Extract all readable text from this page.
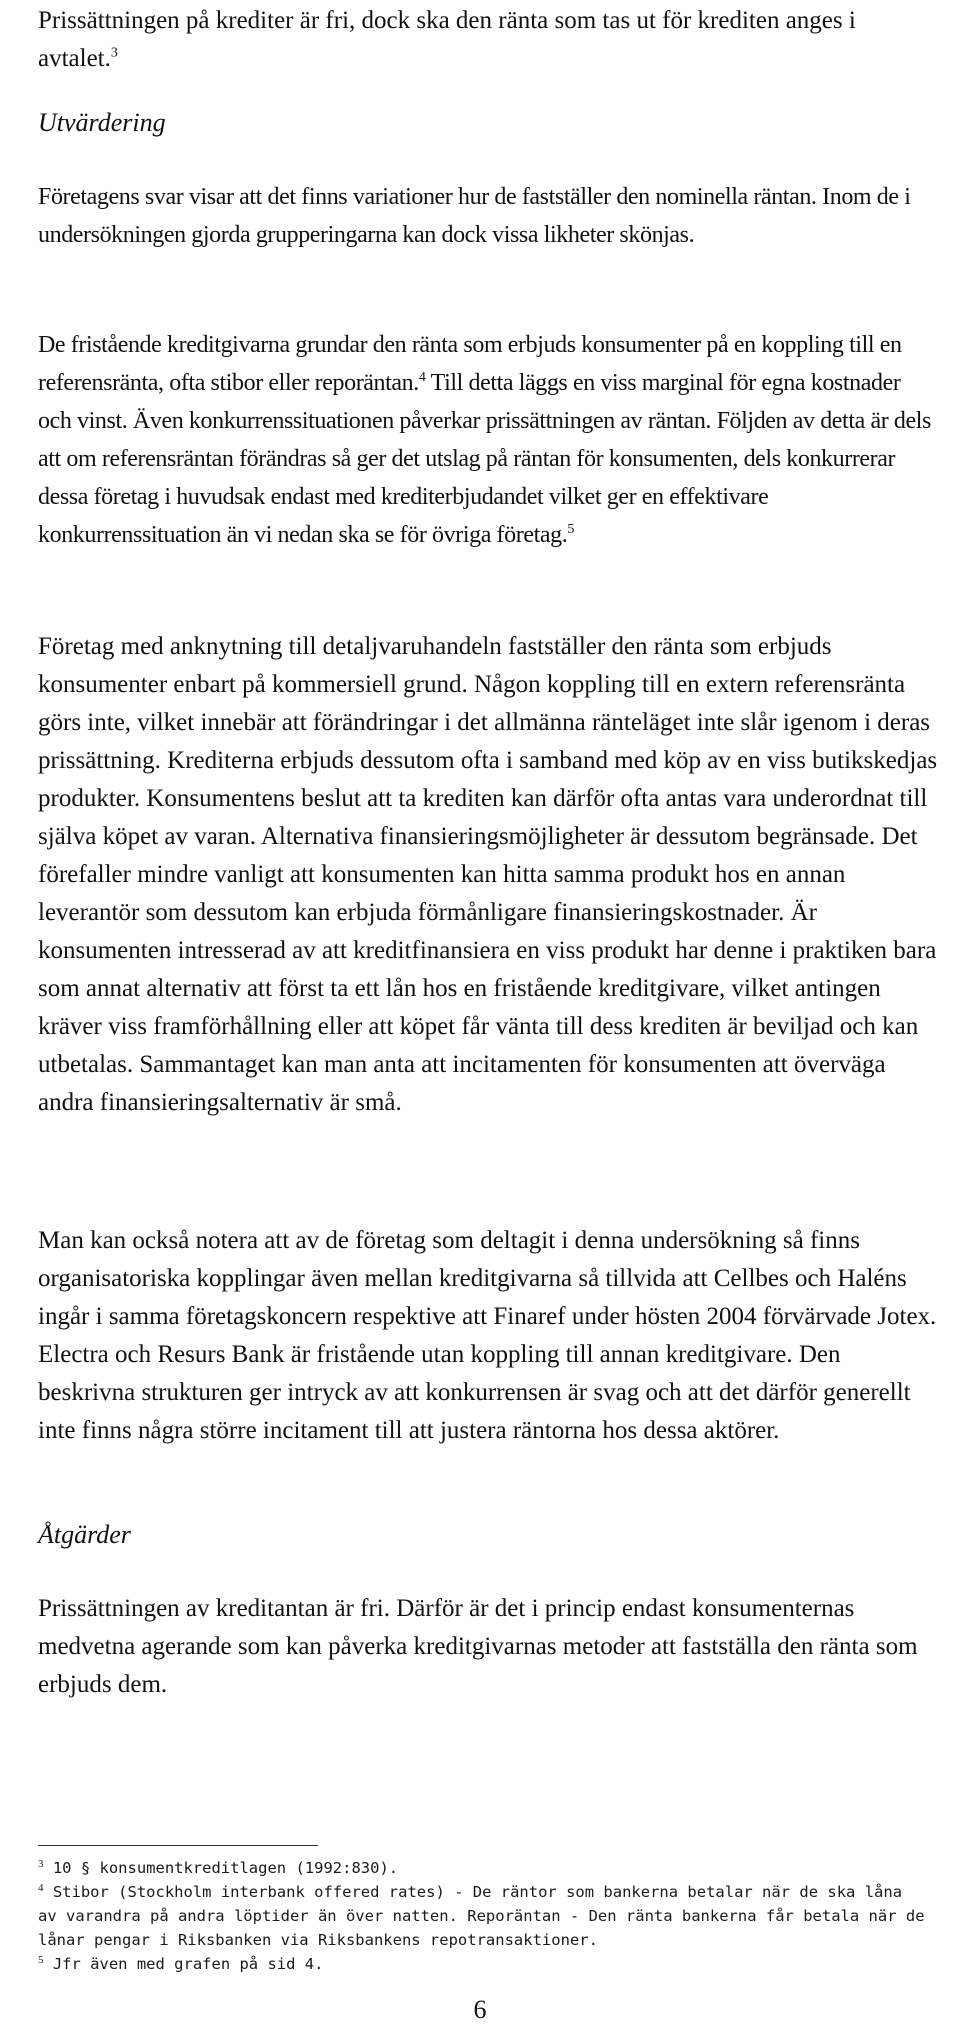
Prissättningen på krediter är fri, dock ska den ränta som tas ut för krediten anges i avtalet.$^3$

Utvärdering

Företagens svar visar att det finns variationer hur de fastställer den nominella räntan. Inom de i undersökningen gjorda grupperingarna kan dock vissa likheter skönjas.

De fristående kreditgivarna grundar den ränta som erbjuds konsumenter på en koppling till en referensränta, ofta stibor eller reporäntan.$^4$ Till detta läggs en viss marginal för egna kostnader och vinst. Även konkurrenssituationen påverkar prissättningen av räntan. Följden av detta är dels att om referensräntan förändras så ger det utslag på räntan för konsumenten, dels konkurrerar dessa företag i huvudsak endast med krediterbjudandet vilket ger en effektivare konkurrenssituation än vi nedan ska se för övriga företag.$^5$

Företag med anknytning till detaljvaruhandeln fastställer den ränta som erbjuds konsumenter enbart på kommersiell grund. Någon koppling till en extern referensränta görs inte, vilket innebär att förändringar i det allmänna ränteläget inte slår igenom i deras prissättning. Krediterna erbjuds dessutom ofta i samband med köp av en viss butikskedjas produkter. Konsumentens beslut att ta krediten kan därför ofta antas vara underordnat till själva köpet av varan. Alternativa finansieringsmöjligheter är dessutom begränsade. Det förefaller mindre vanligt att konsumenten kan hitta samma produkt hos en annan leverantör som dessutom kan erbjuda förmånligare finansieringskostnader. Är konsumenten intresserad av att kreditfinansiera en viss produkt har denne i praktiken bara som annat alternativ att först ta ett lån hos en fristående kreditgivare, vilket antingen kräver viss framförhållning eller att köpet får vänta till dess krediten är beviljad och kan utbetalas. Sammantaget kan man anta att incitamenten för konsumenten att överväga andra finansieringsalternativ är små.

Man kan också notera att av de företag som deltagit i denna undersökning så finns organisatoriska kopplingar även mellan kreditgivarna så tillvida att Cellbes och Haléns ingår i samma företagskoncern respektive att Finaref under hösten 2004 förvärvade Jotex. Electra och Resurs Bank är fristående utan koppling till annan kreditgivare. Den beskrivna strukturen ger intryck av att konkurrensen är svag och att det därför generellt inte finns några större incitament till att justera räntorna hos dessa aktörer.

Åtgärder

Prissättningen av kreditantan är fri. Därför är det i princip endast konsumenternas medvetna agerande som kan påverka kreditgivarnas metoder att fastställa den ränta som erbjuds dem.

$^3$ 10 § konsumentkreditlagen (1992:830).

$^4$ Stibor (Stockholm interbank offered rates) - De räntor som bankerna betalar när de ska låna av varandra på andra löptider än över natten. Reporäntan - Den ränta bankerna får betala när de lånar pengar i Riksbanken via Riksbankens repotransaktioner.

$^5$ Jfr även med grafen på sid 4.

6
